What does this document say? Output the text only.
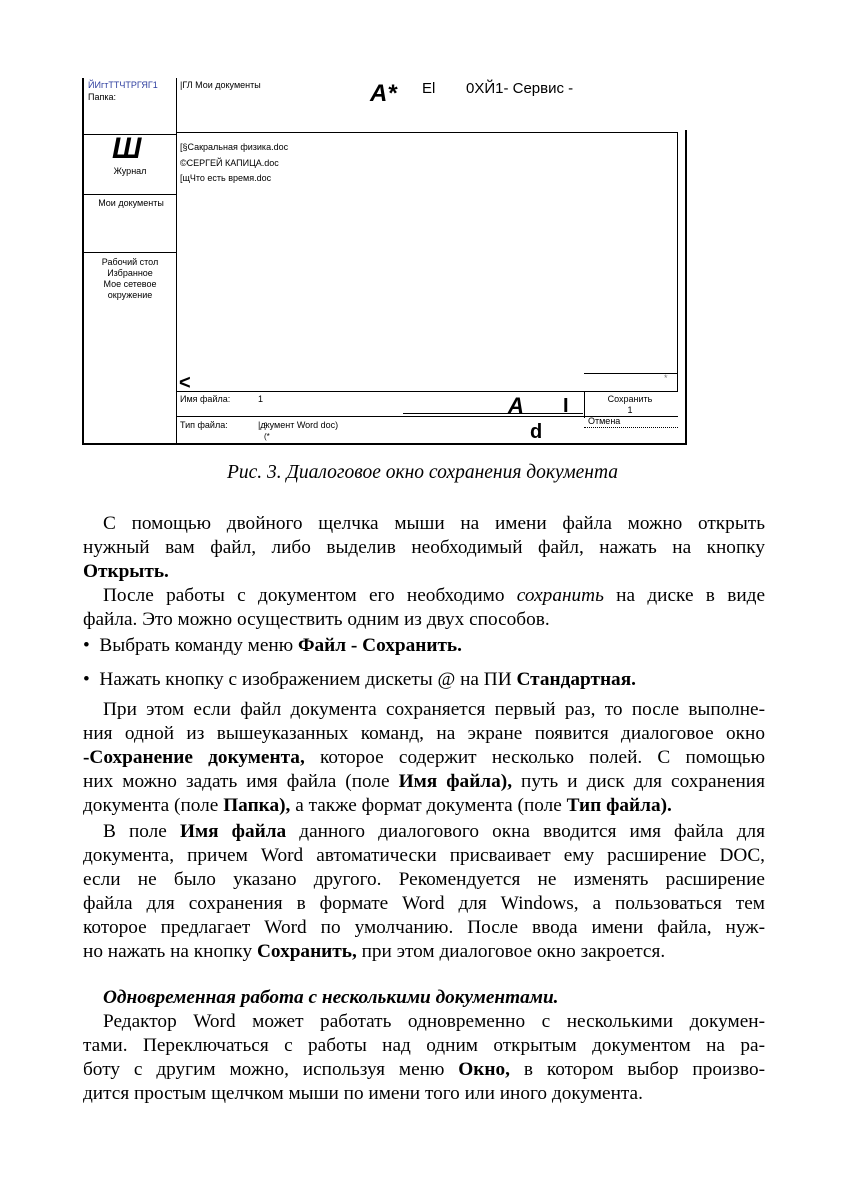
ЙИгтТТЧТРГЯГ1
Папка:
|ГЛ Мои документы	А* El 0ХЙ1- Сервис -
Ш
Журнал
Мои документы
Рабочий стол
Избранное
Мое сетевое
окружение
[§Сакральная физика.doc
©СЕРГЕЙ КАПИЦА.doc
[щЧто есть время.doc
<	*
Имя файла:	1
Тип файла:	|дͦкумент Word doc)
(*
Сохранить
1
Отмена
А I
d
Рис. 3. Диалоговое окно сохранения документа

С помощью двойного щелчка мыши на имени файла можно открыть

нужный вам файл, либо выделив необходимый файл, нажать на кнопку

Открыть.

После работы с документом его необходимо сохранить на диске в виде

файла. Это можно осуществить одним из двух способов.

•  Выбрать команду меню Файл - Сохранить.

•  Нажать кнопку с изображением дискеты @ на ПИ Стандартная.

При этом если файл документа сохраняется первый раз, то после выполне-

ния одной из вышеуказанных команд, на экране появится диалоговое окно

-Сохранение документа, которое содержит несколько полей. С помощью

них можно задать имя файла (поле Имя файла), путь и диск для сохранения

документа (поле Папка), а также формат документа (поле Тип файла).

В поле Имя файла данного диалогового окна вводится имя файла для

документа, причем Word автоматически присваивает ему расширение DOC,

если не было указано другого. Рекомендуется не изменять расширение

файла для сохранения в формате Word для Windows, а пользоваться тем

которое предлагает Word по умолчанию. После ввода имени файла, нуж-

но нажать на кнопку Сохранить, при этом диалоговое окно закроется.

Одновременная работа с несколькими документами.

Редактор Word может работать одновременно с несколькими докумен-

тами. Переключаться с работы над одним открытым документом на ра-

боту с другим можно, используя меню Окно, в котором выбор произво-

дится простым щелчком мыши по имени того или иного документа.
